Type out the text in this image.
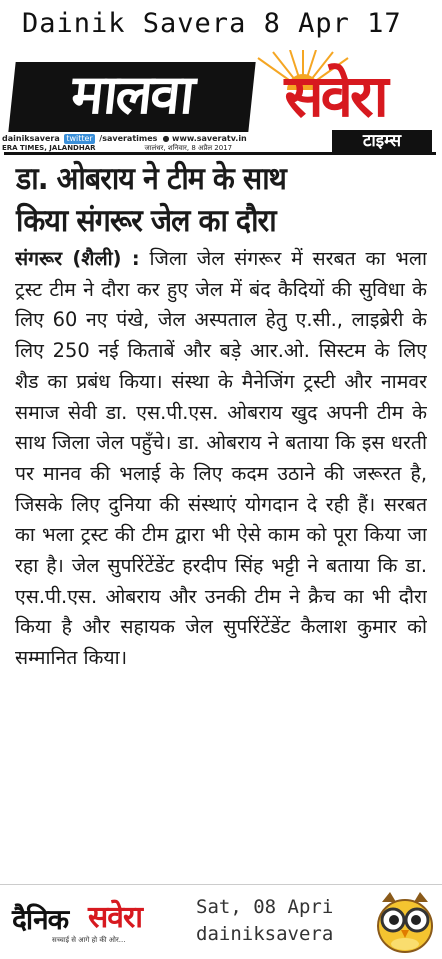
Dainik Savera 8 Apr 17
मालवा	सवेरा
dainiksavera twitter /saveratimes ● www.saveratv.in
ERA TIMES, JALANDHAR	जालंधर, शनिवार, 8 अप्रैल 2017	टाइम्स
डा. ओबराय ने टीम के साथ
किया संगरूर जेल का दौरा
संगरूर (शैली) : जिला जेल संगरूर में सरबत का भला ट्रस्ट टीम ने दौरा कर हुए जेल में बंद कैदियों की सुविधा के लिए 60 नए पंखे, जेल अस्पताल हेतु ए.सी., लाइब्रेरी के लिए 250 नई किताबें और बड़े आर.ओ. सिस्टम के लिए शैड का प्रबंध किया। संस्था के मैनेजिंग ट्रस्टी और नामवर समाज सेवी डा. एस.पी.एस. ओबराय खुद अपनी टीम के साथ जिला जेल पहुँचे। डा. ओबराय ने बताया कि इस धरती पर मानव की भलाई के लिए कदम उठाने की जरूरत है, जिसके लिए दुनिया की संस्थाएं योगदान दे रही हैं। सरबत का भला ट्रस्ट की टीम द्वारा भी ऐसे काम को पूरा किया जा रहा है। जेल सुपरिंटेंडेंट हरदीप सिंह भट्टी ने बताया कि डा. एस.पी.एस. ओबराय और उनकी टीम ने क्रैच का भी दौरा किया है और सहायक जेल सुपरिंटेंडेंट कैलाश कुमार को सम्मानित किया।
दैनिक सवेरा
सच्चाई से आगे हो की ओर...
Sat, 08 Apri
dainiksavera
